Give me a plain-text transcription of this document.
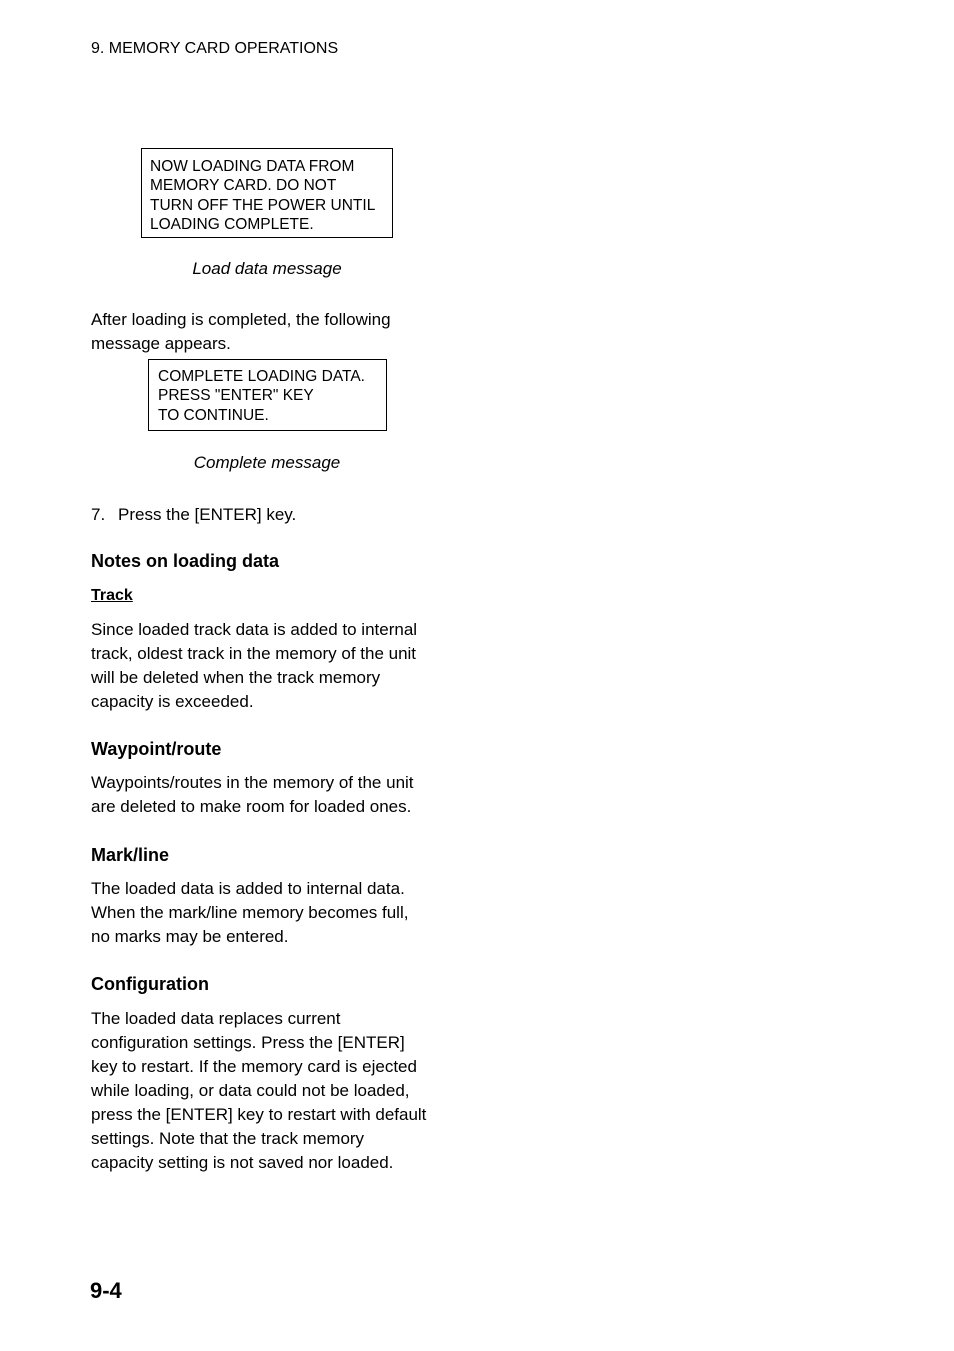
9. MEMORY CARD OPERATIONS
NOW LOADING DATA FROM
MEMORY CARD. DO NOT
TURN OFF THE POWER UNTIL
LOADING COMPLETE.
Load data message
After loading is completed, the following
message appears.
COMPLETE LOADING DATA.
PRESS "ENTER" KEY
TO CONTINUE.
Complete message
7. Press the [ENTER] key.
Notes on loading data
Track
Since loaded track data is added to internal
track, oldest track in the memory of the unit
will be deleted when the track memory
capacity is exceeded.
Waypoint/route
Waypoints/routes in the memory of the unit
are deleted to make room for loaded ones.
Mark/line
The loaded data is added to internal data.
When the mark/line memory becomes full,
no marks may be entered.
Configuration
The loaded data replaces current
configuration settings. Press the [ENTER]
key to restart. If the memory card is ejected
while loading, or data could not be loaded,
press the [ENTER] key to restart with default
settings. Note that the track memory
capacity setting is not saved nor loaded.
9-4
